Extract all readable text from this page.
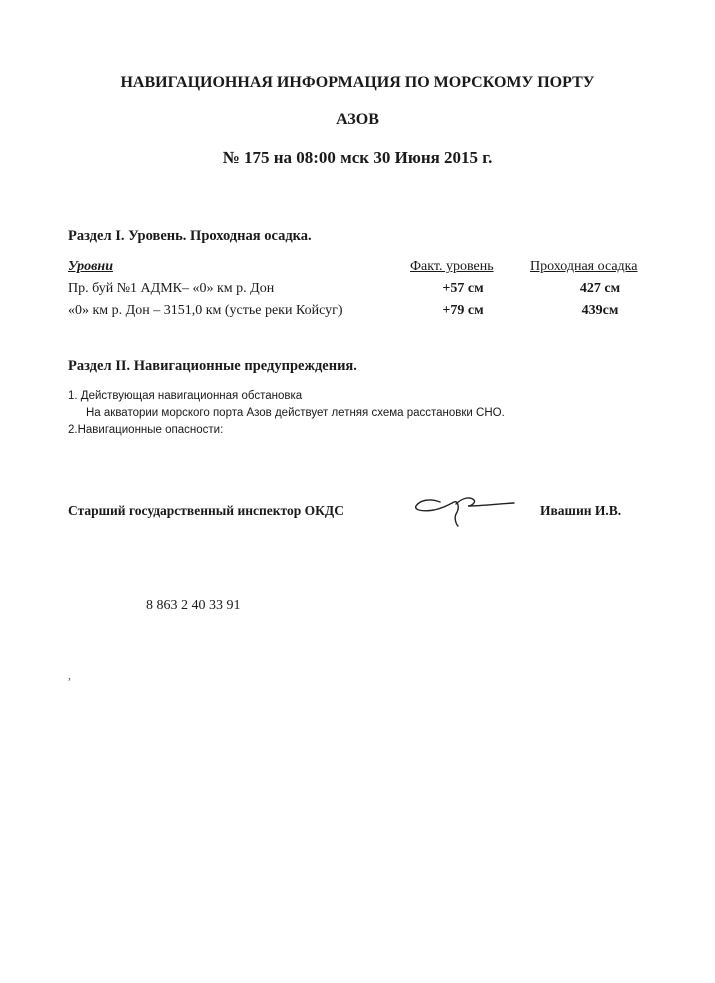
НАВИГАЦИОННАЯ ИНФОРМАЦИЯ ПО МОРСКОМУ ПОРТУ
АЗОВ
№ 175 на 08:00 мск 30 Июня 2015 г.
Раздел I. Уровень. Проходная осадка.
Уровни	Факт. уровень	Проходная осадка
Пр. буй №1 АДМК– «0» км р. Дон	+57 см	427 см
«0» км р. Дон – 3151,0 км (устье реки Койсуг)	+79 см	439см
Раздел II. Навигационные предупреждения.
1. Действующая навигационная обстановка
На акватории морского порта Азов действует летняя схема расстановки СНО.
2.Навигационные опасности:
Старший государственный инспектор ОКДС	Ивашин И.В.
8 863 2 40 33 91
,
